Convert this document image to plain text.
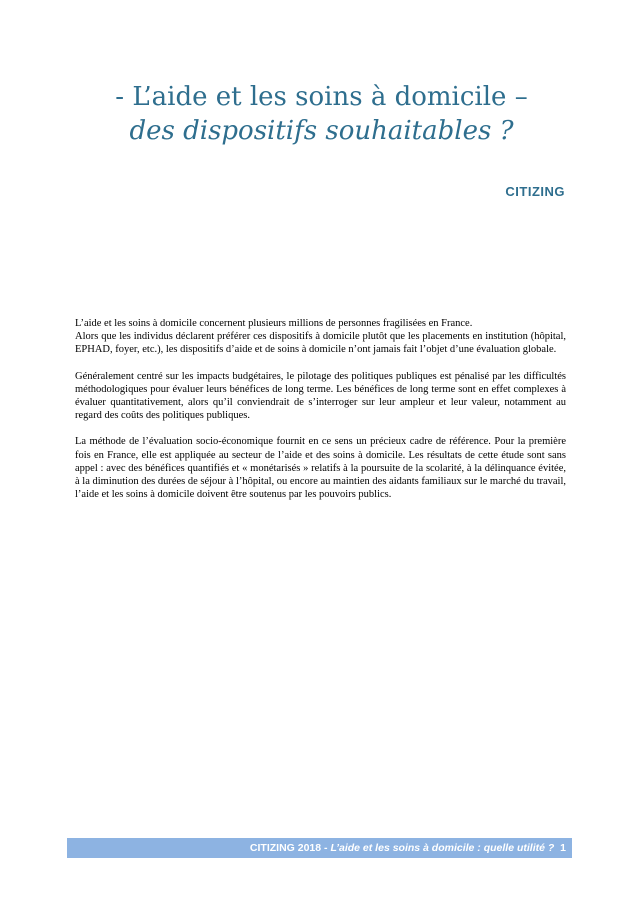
- L’aide et les soins à domicile –
des dispositifs souhaitables ?
CITIZING

L’aide et les soins à domicile concernent plusieurs millions de personnes fragilisées en France.

Alors que les individus déclarent préférer ces dispositifs à domicile plutôt que les placements en institution (hôpital, EPHAD, foyer, etc.), les dispositifs d’aide et de soins à domicile n’ont jamais fait l’objet d’une évaluation globale.

Généralement centré sur les impacts budgétaires, le pilotage des politiques publiques est pénalisé par les difficultés méthodologiques pour évaluer leurs bénéfices de long terme. Les bénéfices de long terme sont en effet complexes à évaluer quantitativement, alors qu’il conviendrait de s’interroger sur leur ampleur et leur valeur, notamment au regard des coûts des politiques publiques.

La méthode de l’évaluation socio-économique fournit en ce sens un précieux cadre de référence. Pour la première fois en France, elle est appliquée au secteur de l’aide et des soins à domicile. Les résultats de cette étude sont sans appel : avec des bénéfices quantifiés et « monétarisés » relatifs à la poursuite de la scolarité, à la délinquance évitée, à la diminution des durées de séjour à l’hôpital, ou encore au maintien des aidants familiaux sur le marché du travail, l’aide et les soins à domicile doivent être soutenus par les pouvoirs publics.

CITIZING 2018 - L’aide et les soins à domicile : quelle utilité ? 1
